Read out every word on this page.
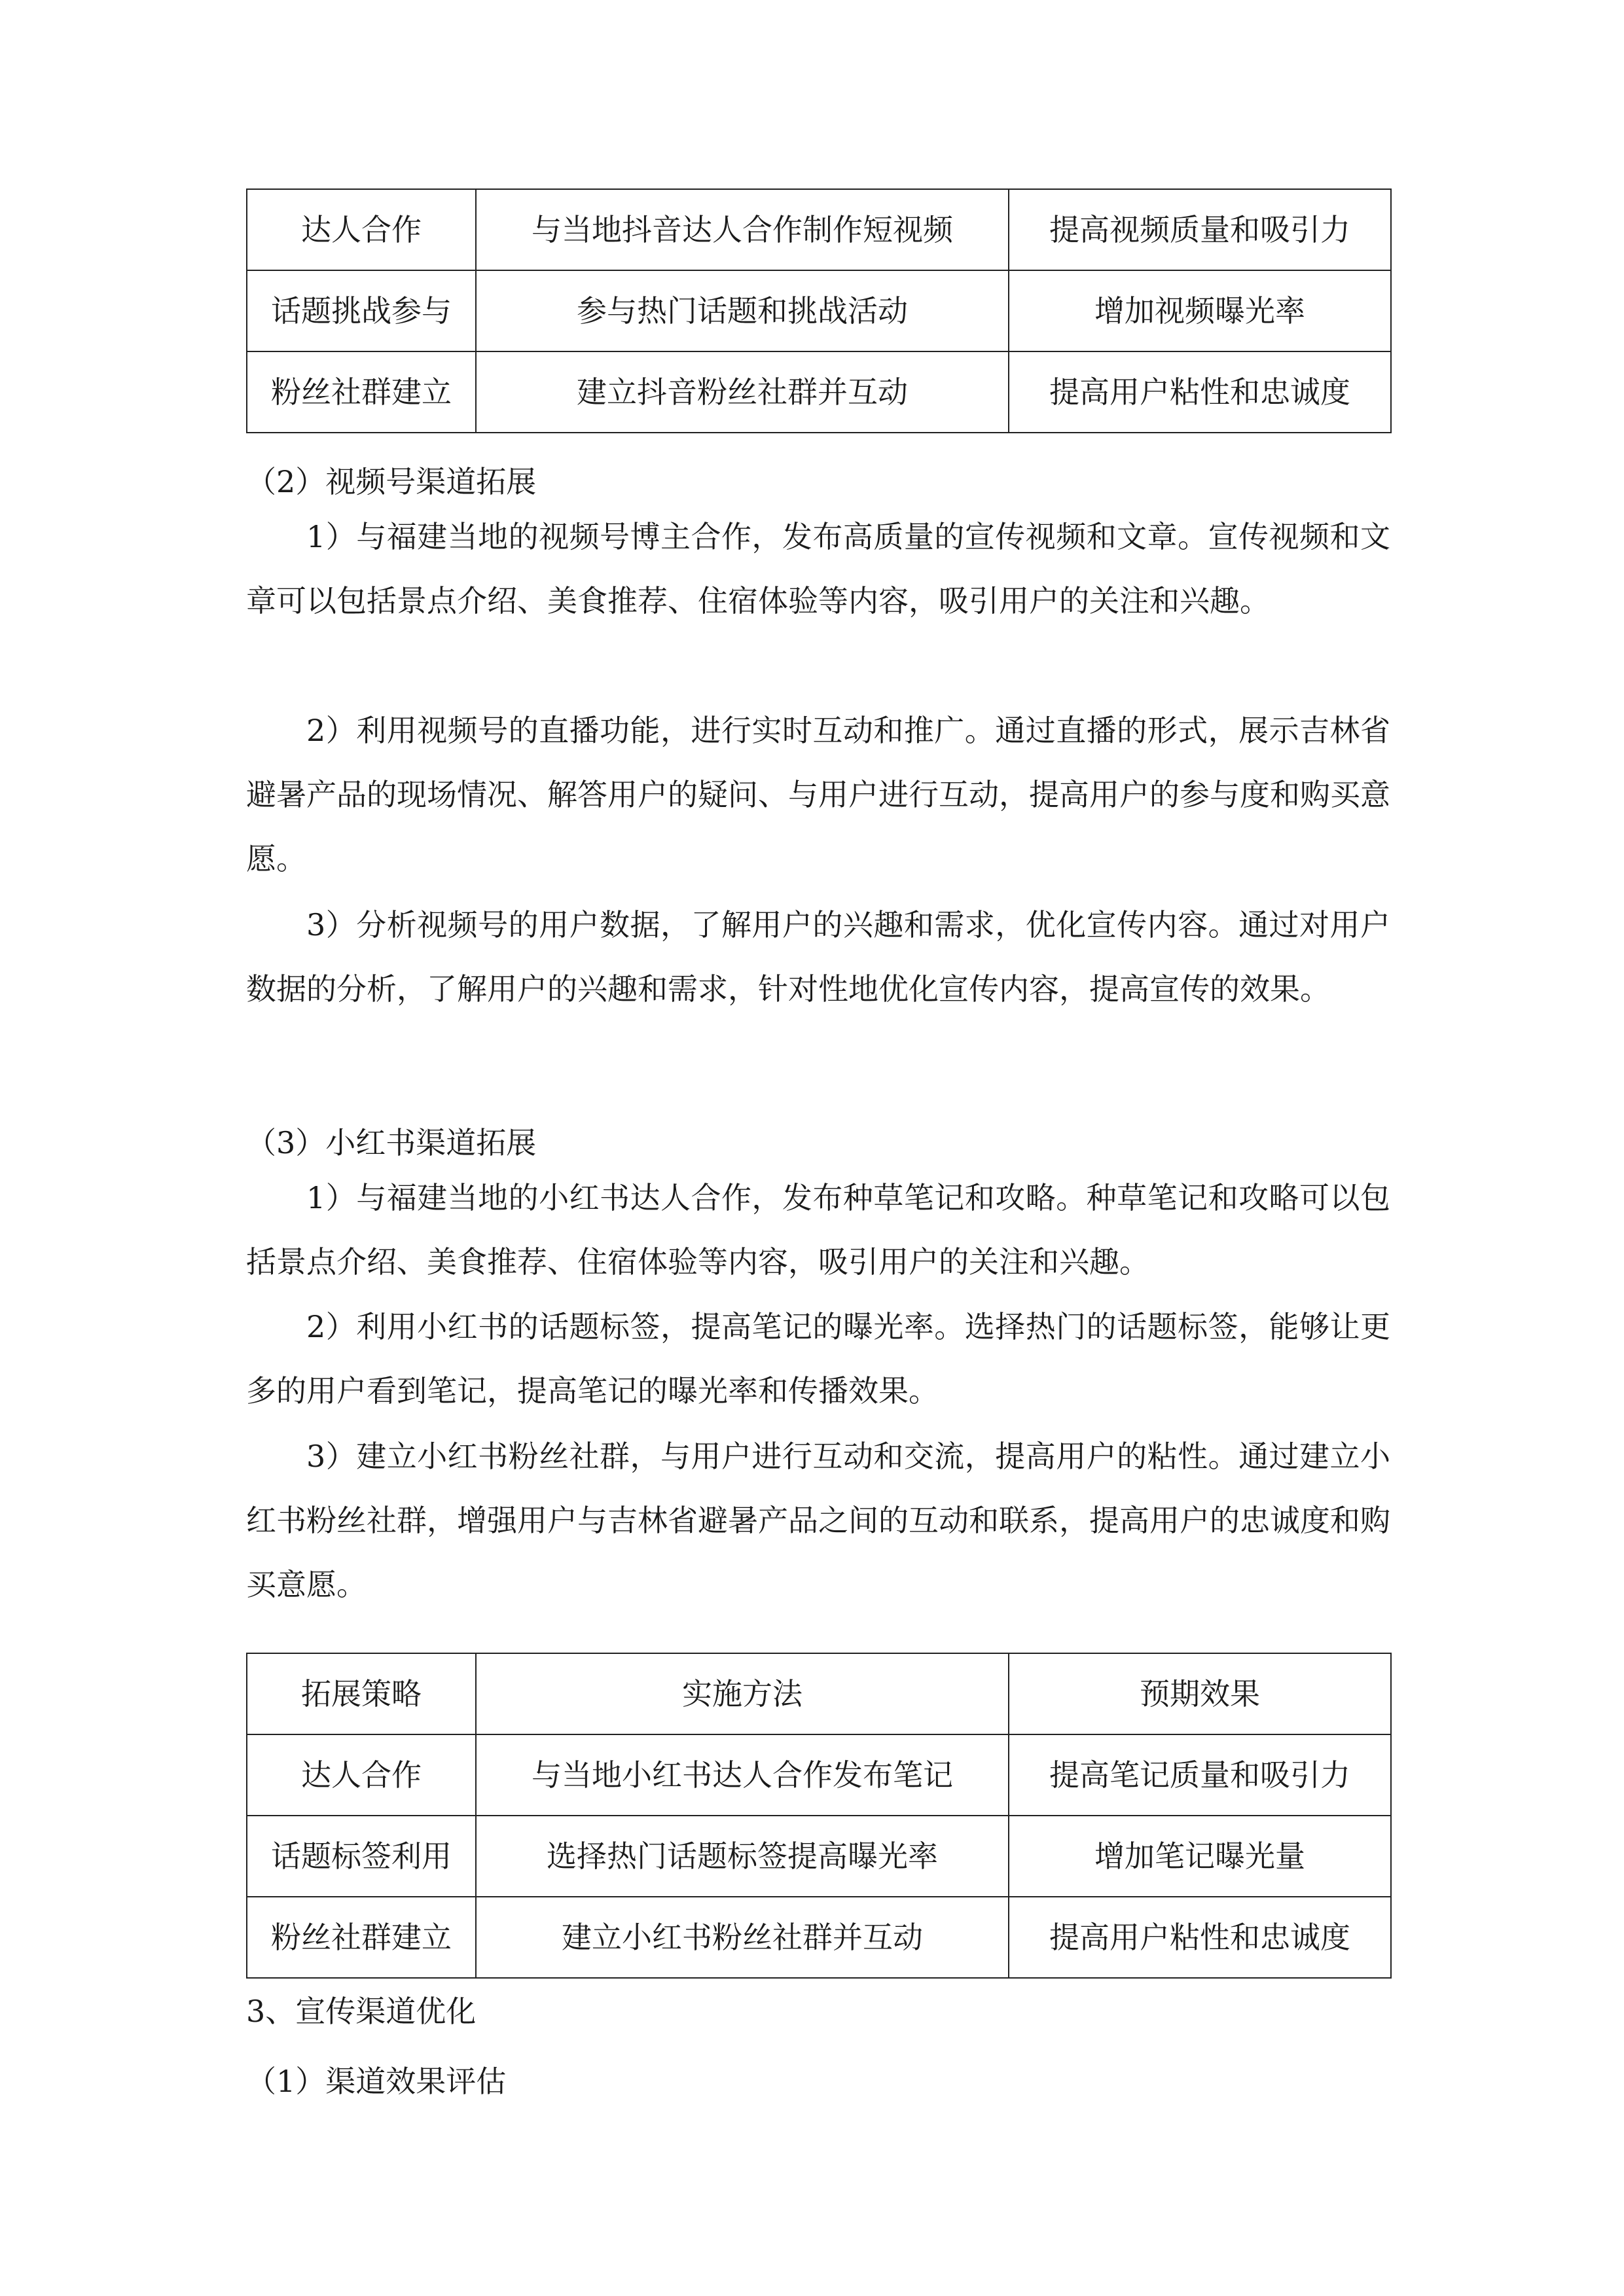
达人合作	与当地抖音达人合作制作短视频	提高视频质量和吸引力
话题挑战参与	参与热门话题和挑战活动	增加视频曝光率
粉丝社群建立	建立抖音粉丝社群并互动	提高用户粘性和忠诚度
（2）视频号渠道拓展

1）与福建当地的视频号博主合作，发布高质量的宣传视频和文章。宣传视频和文章可以包括景点介绍、美食推荐、住宿体验等内容，吸引用户的关注和兴趣。

2）利用视频号的直播功能，进行实时互动和推广。通过直播的形式，展示吉林省避暑产品的现场情况、解答用户的疑问、与用户进行互动，提高用户的参与度和购买意愿。

3）分析视频号的用户数据，了解用户的兴趣和需求，优化宣传内容。通过对用户数据的分析，了解用户的兴趣和需求，针对性地优化宣传内容，提高宣传的效果。

（3）小红书渠道拓展

1）与福建当地的小红书达人合作，发布种草笔记和攻略。种草笔记和攻略可以包括景点介绍、美食推荐、住宿体验等内容，吸引用户的关注和兴趣。

2）利用小红书的话题标签，提高笔记的曝光率。选择热门的话题标签，能够让更多的用户看到笔记，提高笔记的曝光率和传播效果。

3）建立小红书粉丝社群，与用户进行互动和交流，提高用户的粘性。通过建立小红书粉丝社群，增强用户与吉林省避暑产品之间的互动和联系，提高用户的忠诚度和购买意愿。

拓展策略	实施方法	预期效果
达人合作	与当地小红书达人合作发布笔记	提高笔记质量和吸引力
话题标签利用	选择热门话题标签提高曝光率	增加笔记曝光量
粉丝社群建立	建立小红书粉丝社群并互动	提高用户粘性和忠诚度
3、宣传渠道优化
（1）渠道效果评估
